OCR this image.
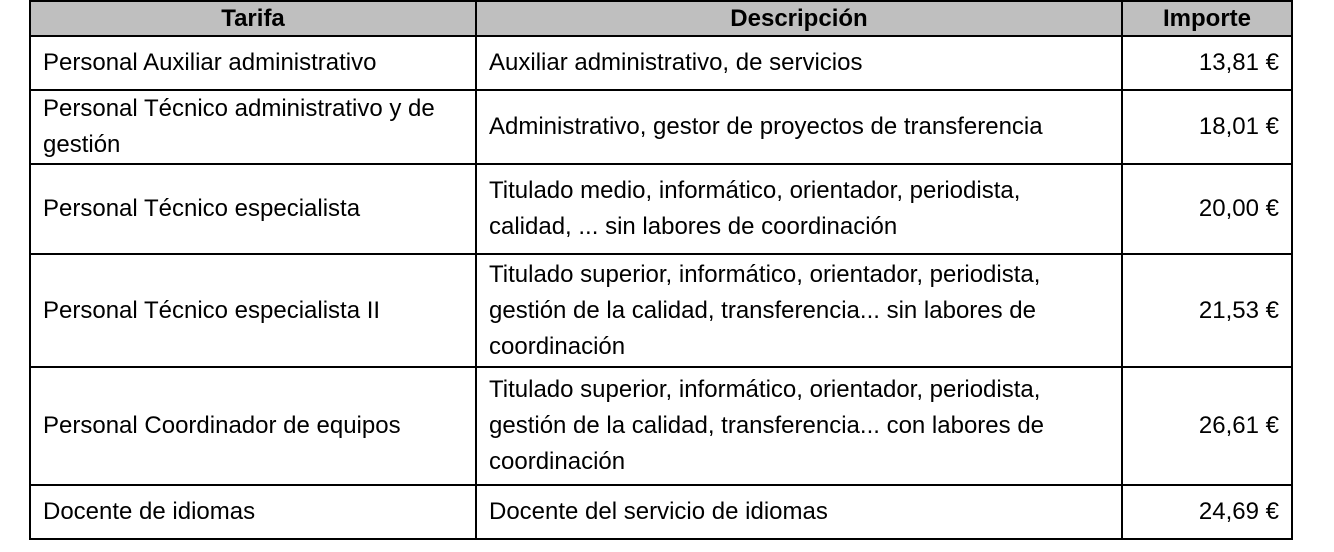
Tarifa	Descripción	Importe
Personal Auxiliar administrativo	Auxiliar administrativo, de servicios	13,81 €
Personal Técnico administrativo y de gestión	Administrativo, gestor de proyectos de transferencia	18,01 €
Personal Técnico especialista	Titulado medio, informático, orientador, periodista, calidad, ... sin labores de coordinación	20,00 €
Personal Técnico especialista II	Titulado superior, informático, orientador, periodista, gestión de la calidad, transferencia... sin labores de coordinación	21,53 €
Personal Coordinador de equipos	Titulado superior, informático, orientador, periodista, gestión de la calidad, transferencia... con labores de coordinación	26,61 €
Docente de idiomas	Docente del servicio de idiomas	24,69 €
